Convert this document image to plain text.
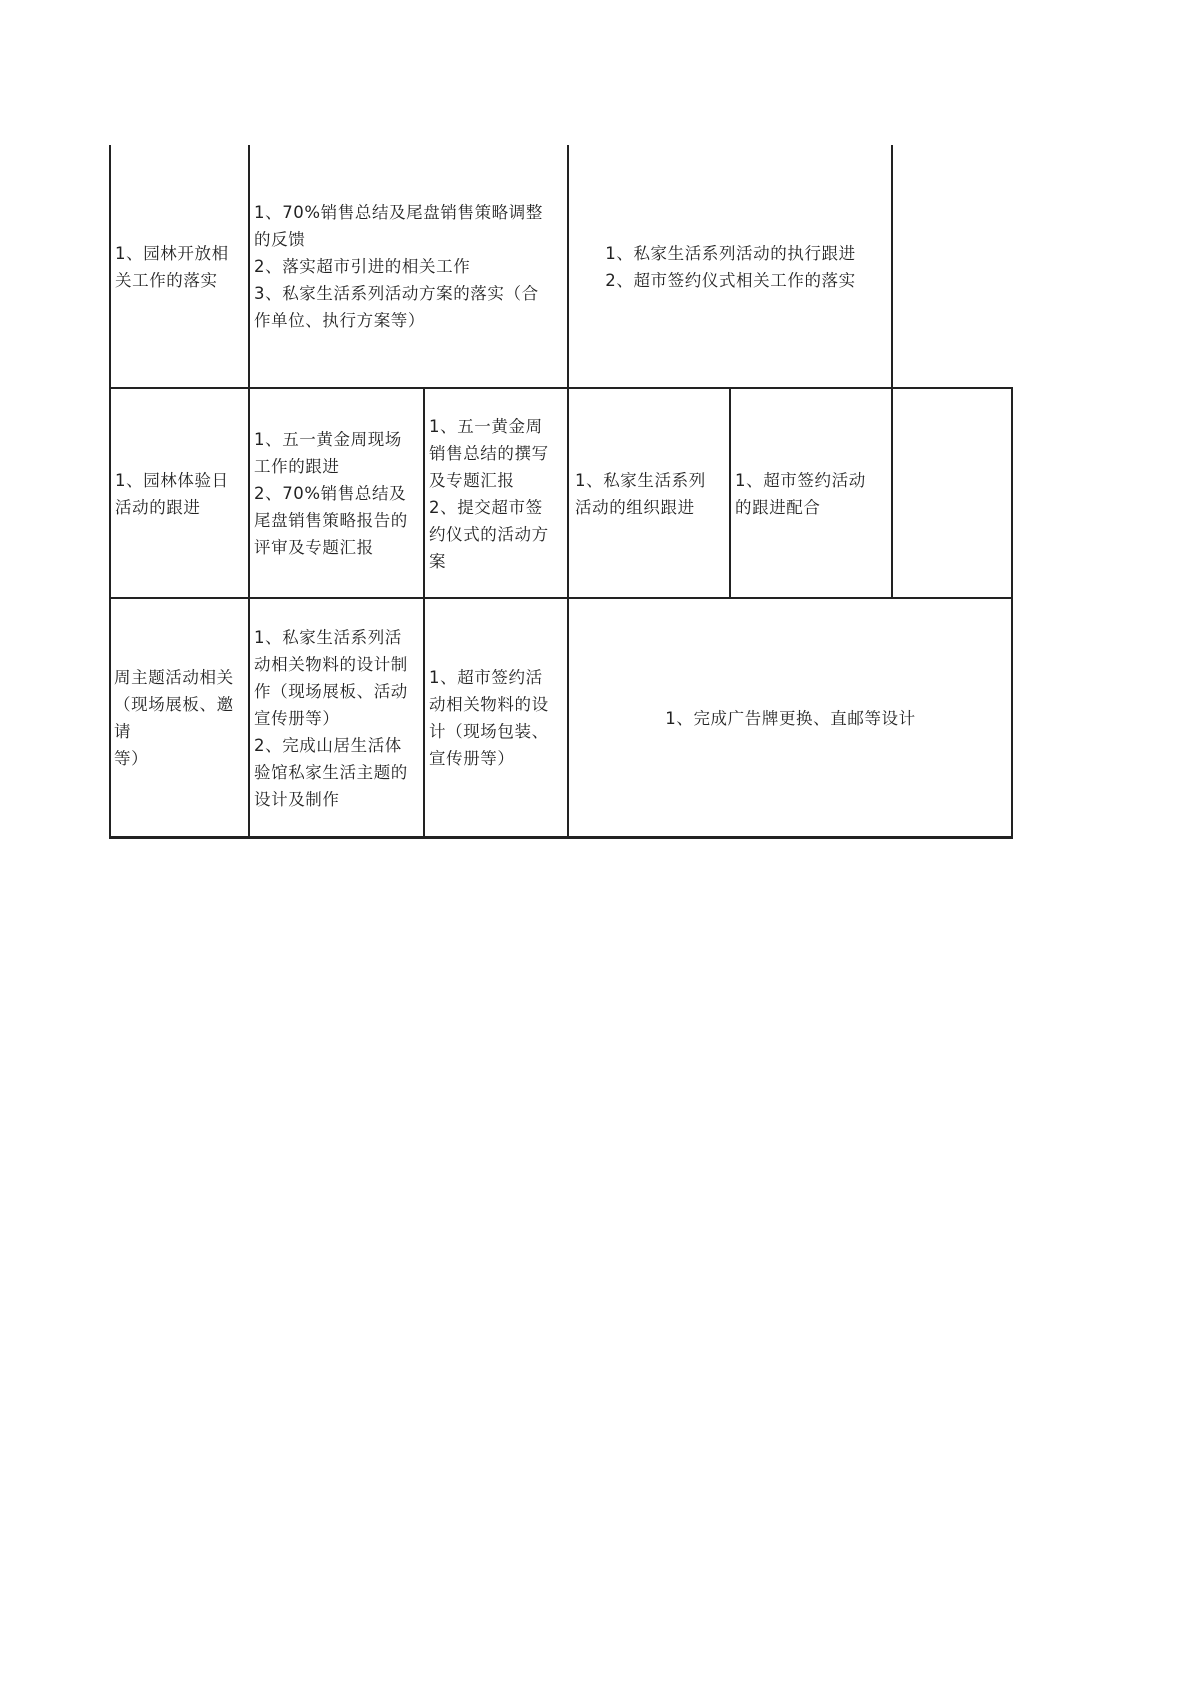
1、园林开放相
关工作的落实
1、70%销售总结及尾盘销售策略调整
的反馈
2、落实超市引进的相关工作
3、私家生活系列活动方案的落实（合
作单位、执行方案等）
1、私家生活系列活动的执行跟进
2、超市签约仪式相关工作的落实
1、园林体验日
活动的跟进
1、五一黄金周现场
工作的跟进
2、70%销售总结及
尾盘销售策略报告的
评审及专题汇报
1、五一黄金周
销售总结的撰写
及专题汇报
2、提交超市签
约仪式的活动方
案
1、私家生活系列
活动的组织跟进
1、超市签约活动
的跟进配合
周主题活动相关
（现场展板、邀请
等）
1、私家生活系列活
动相关物料的设计制
作（现场展板、活动
宣传册等）
2、完成山居生活体
验馆私家生活主题的
设计及制作
1、超市签约活
动相关物料的设
计（现场包装、
宣传册等）
1、完成广告牌更换、直邮等设计
